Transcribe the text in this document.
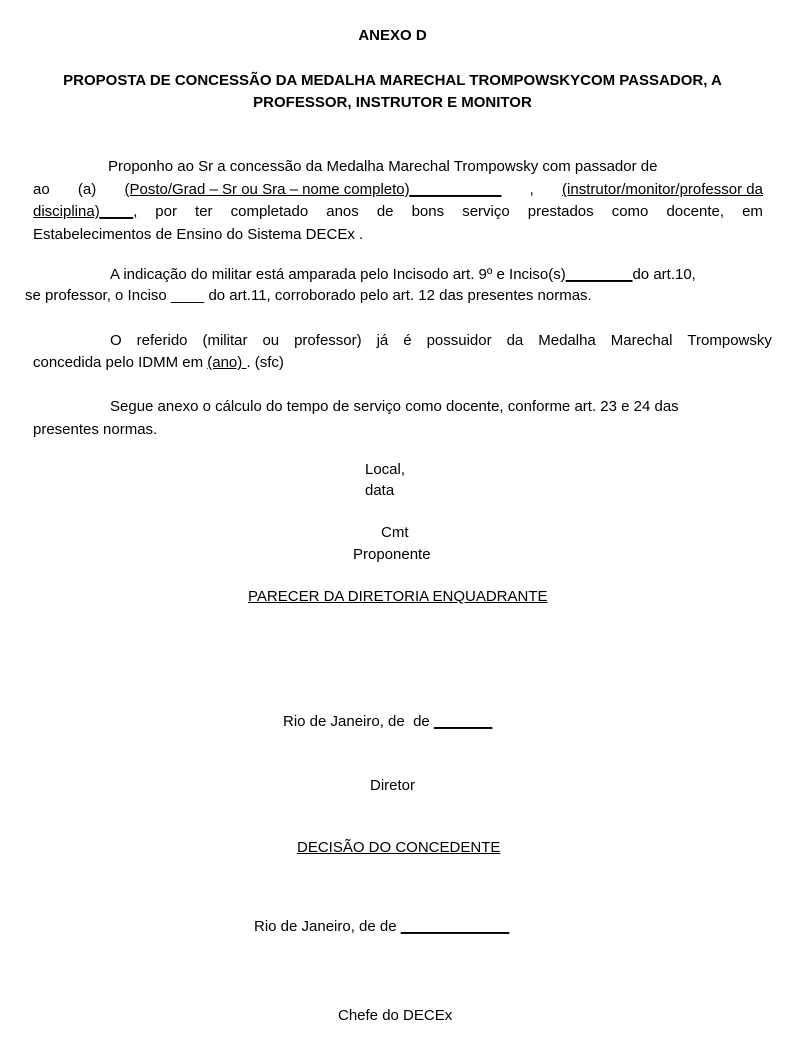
ANEXO D
PROPOSTA DE CONCESSÃO DA MEDALHA MARECHAL TROMPOWSKYCOM PASSADOR, A
PROFESSOR, INSTRUTOR E MONITOR
Proponho ao Sr a concessão da Medalha Marechal Trompowsky com passador de
ao (a) (Posto/Grad – Sr ou Sra – nome completo)___________ , (instrutor/monitor/professor da
disciplina)____, por ter completado anos de bons serviço prestados como docente, em
Estabelecimentos de Ensino do Sistema DECEx .
A indicação do militar está amparada pelo Incisodo art. 9º e Inciso(s)________do art.10,
se professor, o Inciso ____ do art.11, corroborado pelo art. 12 das presentes normas.
O referido (militar ou professor) já é possuidor da Medalha Marechal Trompowsky
concedida pelo IDMM em (ano) . (sfc)
Segue anexo o cálculo do tempo de serviço como docente, conforme art. 23 e 24 das
presentes normas.
Local,
data
Cmt
Proponente
PARECER DA DIRETORIA ENQUADRANTE
Rio de Janeiro, de  de _______
Diretor
DECISÃO DO CONCEDENTE
Rio de Janeiro, de de _____________
Chefe do DECEx
